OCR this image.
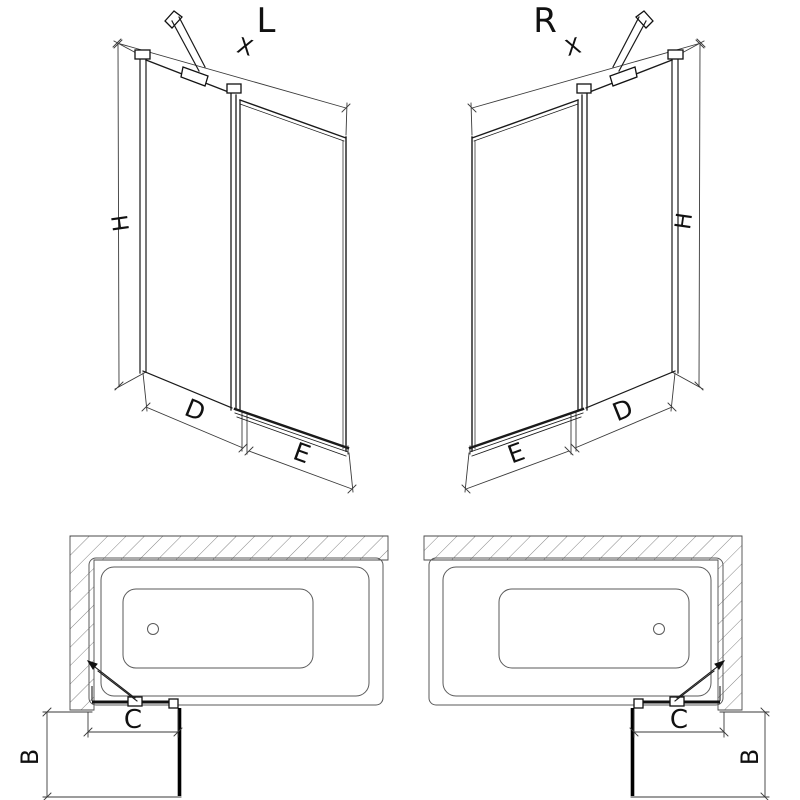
L	R
X	X
H	H
D	D
E	E
C	C
B	B
